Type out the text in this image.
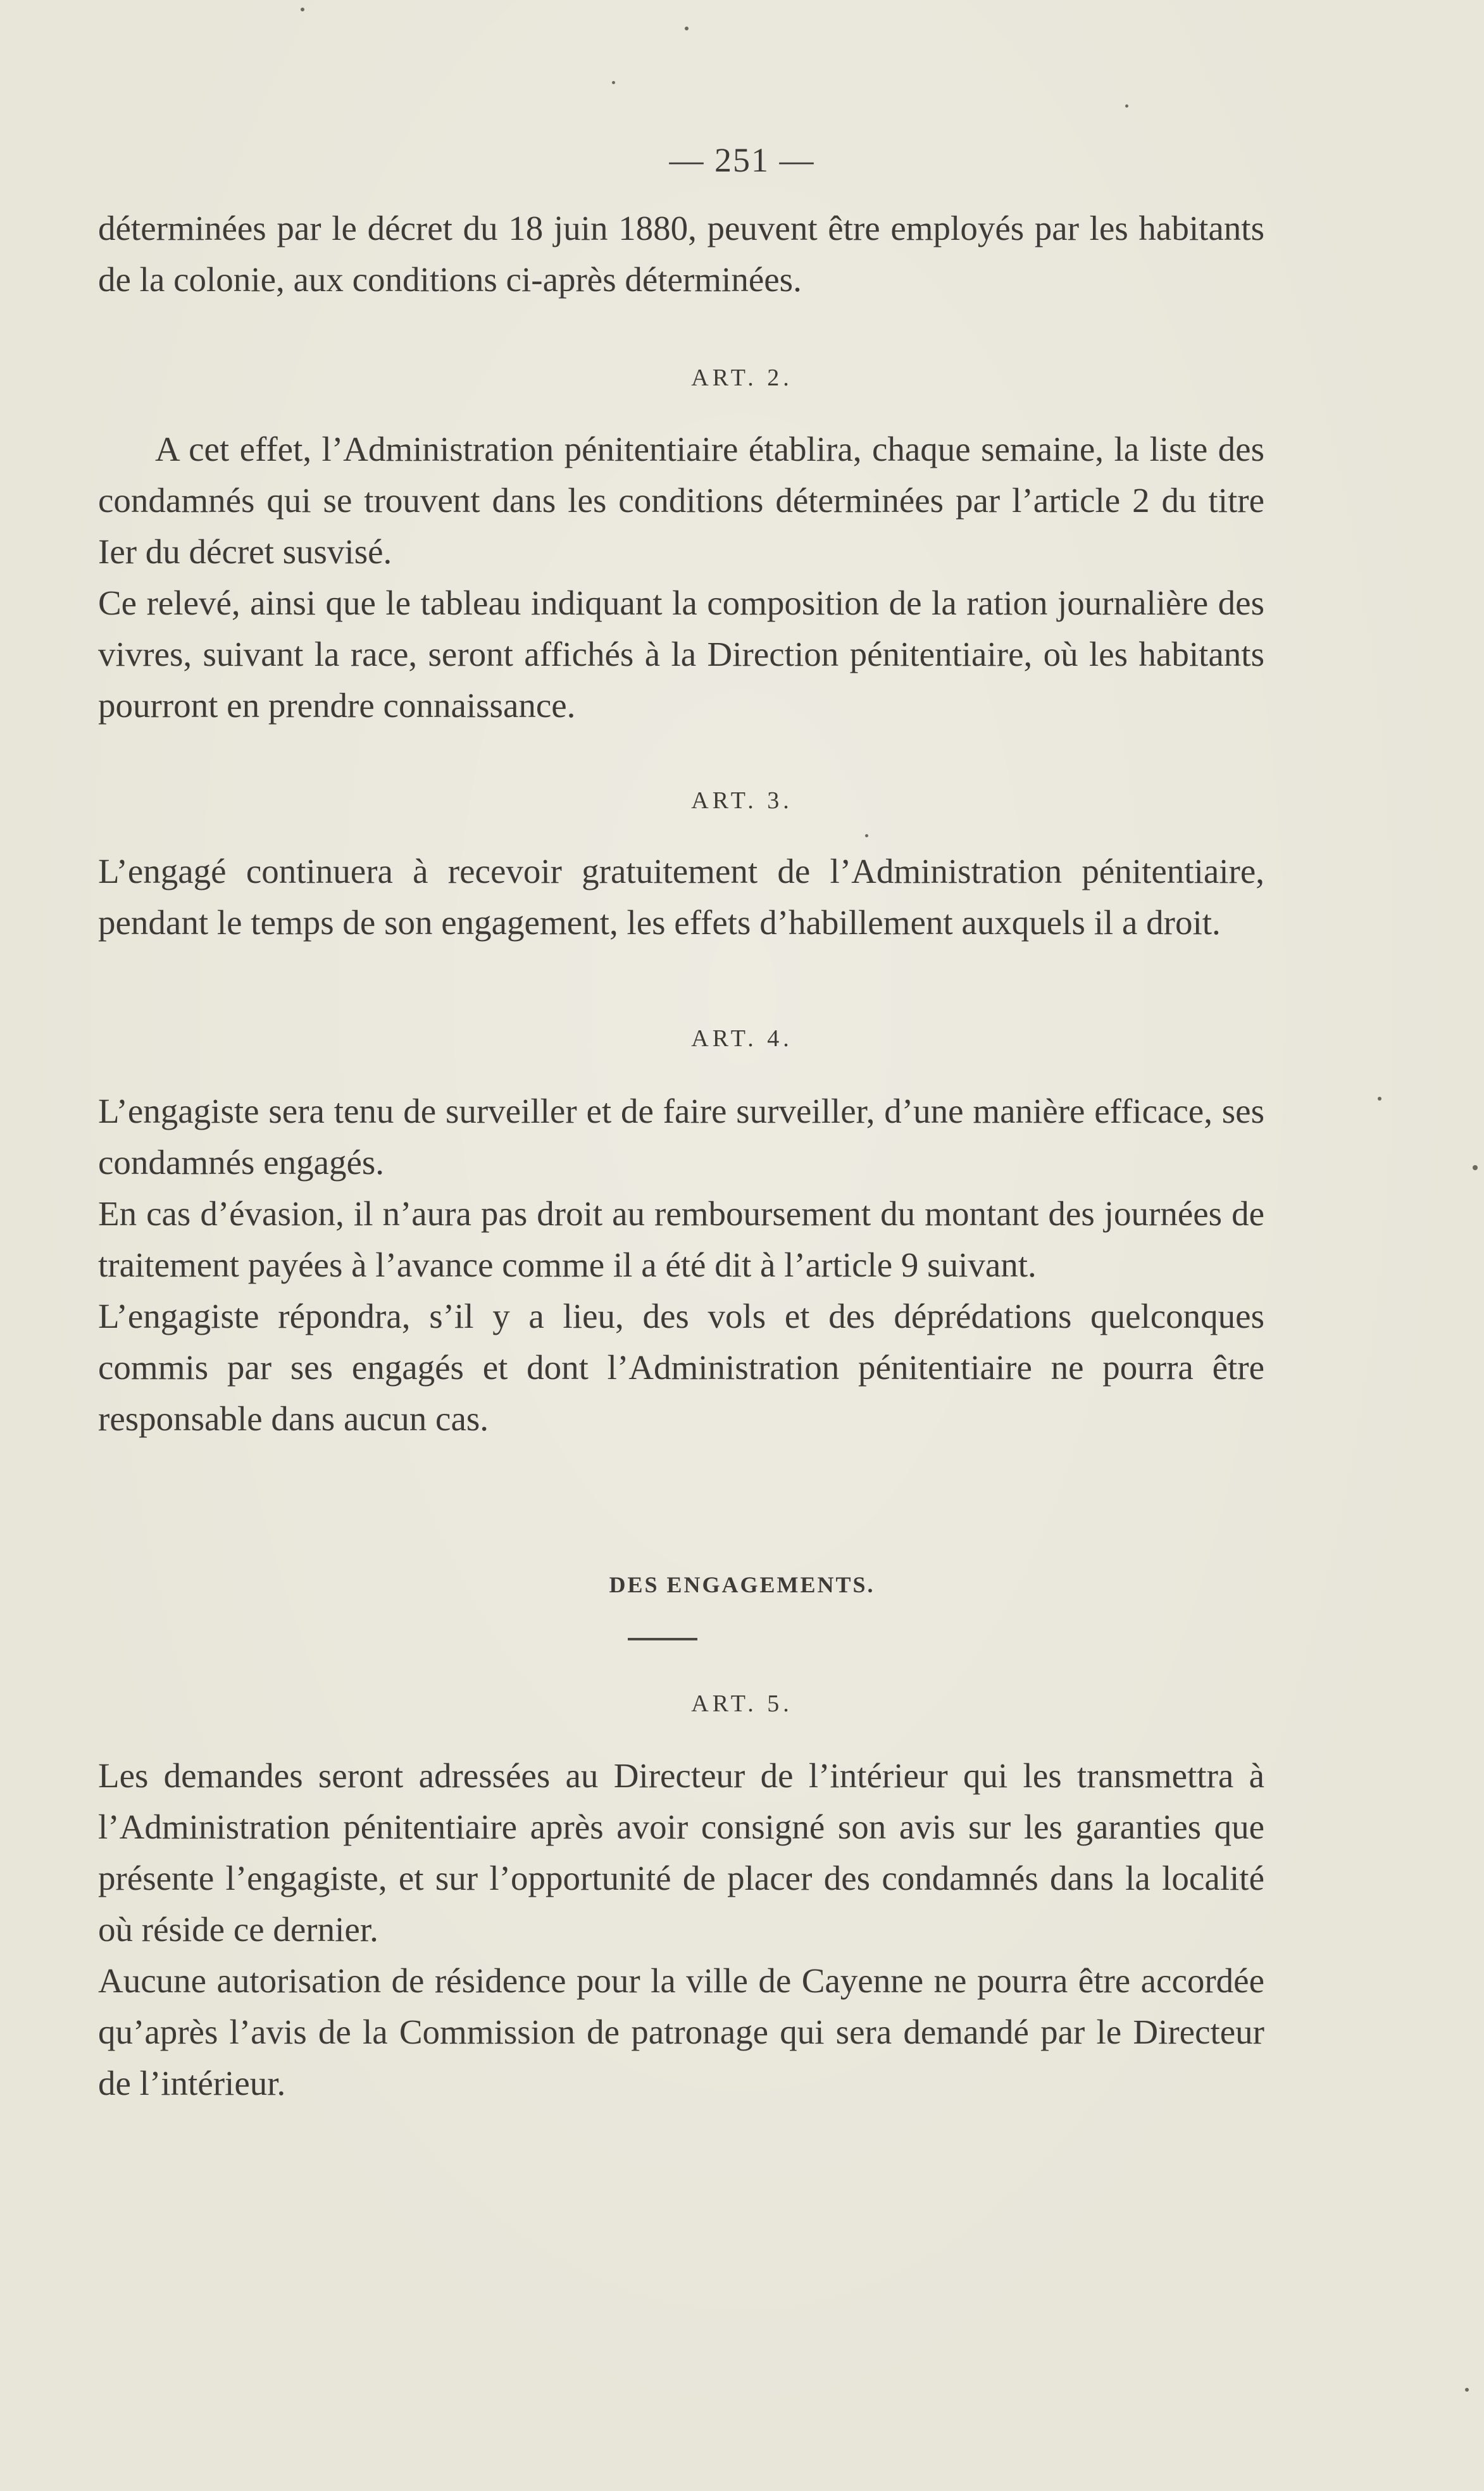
— 251 —

déterminées par le décret du 18 juin 1880, peuvent être employés par les habitants de la colonie, aux conditions ci-après déterminées.

ART. 2.

A cet effet, l’Administration pénitentiaire établira, chaque semaine, la liste des condamnés qui se trouvent dans les conditions déterminées par l’article 2 du titre Ier du décret susvisé.

Ce relevé, ainsi que le tableau indiquant la composition de la ration journalière des vivres, suivant la race, seront affichés à la Direction pénitentiaire, où les habitants pourront en prendre connaissance.

ART. 3.

L’engagé continuera à recevoir gratuitement de l’Administration pénitentiaire, pendant le temps de son engagement, les effets d’habillement auxquels il a droit.

ART. 4.

L’engagiste sera tenu de surveiller et de faire surveiller, d’une manière efficace, ses condamnés engagés.

En cas d’évasion, il n’aura pas droit au remboursement du montant des journées de traitement payées à l’avance comme il a été dit à l’article 9 suivant.

L’engagiste répondra, s’il y a lieu, des vols et des déprédations quelconques commis par ses engagés et dont l’Administration pénitentiaire ne pourra être responsable dans aucun cas.

DES ENGAGEMENTS.
ART. 5.

Les demandes seront adressées au Directeur de l’intérieur qui les transmettra à l’Administration pénitentiaire après avoir consigné son avis sur les garanties que présente l’engagiste, et sur l’opportunité de placer des condamnés dans la localité où réside ce dernier.

Aucune autorisation de résidence pour la ville de Cayenne ne pourra être accordée qu’après l’avis de la Commission de patronage qui sera demandé par le Directeur de l’intérieur.
